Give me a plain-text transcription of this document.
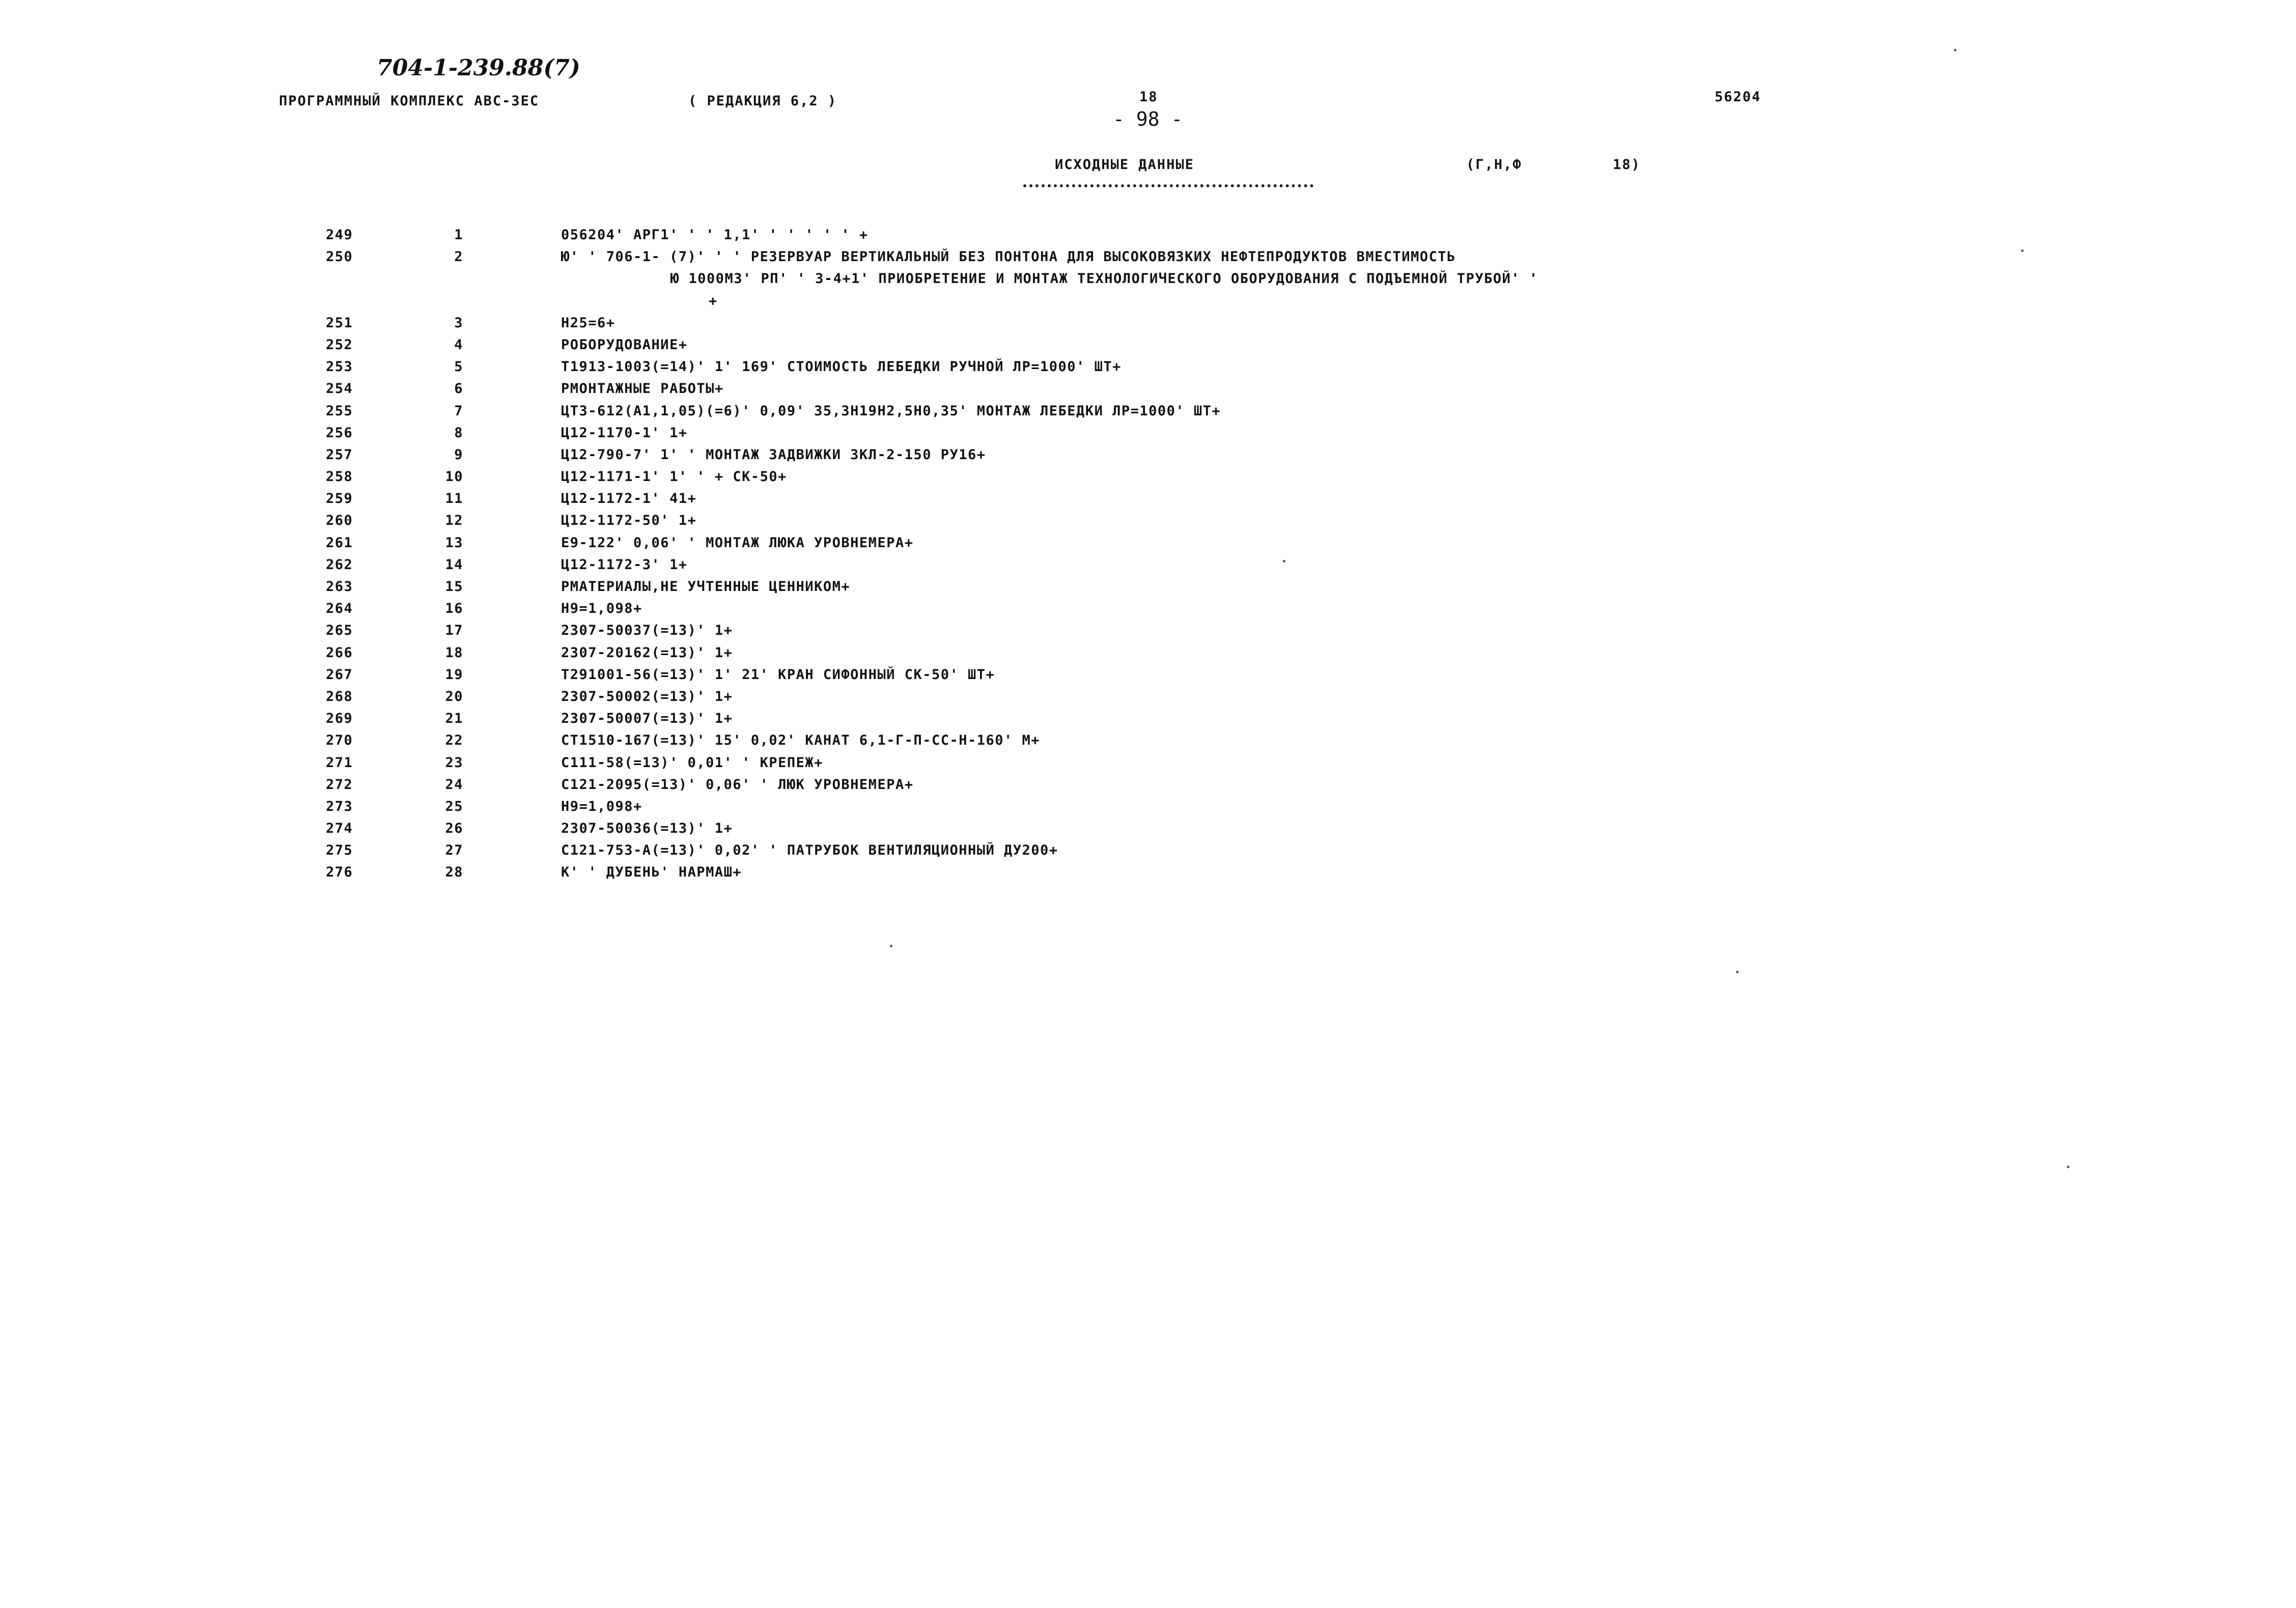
704-1-239.88(7)
ПРОГРАММНЫЙ КОМПЛЕКС АВС-3ЕС	( РЕДАКЦИЯ 6,2 )	18
- 98 -
56204
ИСХОДНЫЕ ДАННЫЕ	(Г,Н,Ф	18)
249	1	056204' АРГ1' ' ' 1,1' ' ' ' ' ' +
250	2	Ю' ' 706-1- (7)' ' ' РЕЗЕРВУАР ВЕРТИКАЛЬНЫЙ БЕЗ ПОНТОНА ДЛЯ ВЫСОКОВЯЗКИХ НЕФТЕПРОДУКТОВ ВМЕСТИМОСТЬ
Ю 1000М3' РП' ' 3-4+1' ПРИОБРЕТЕНИЕ И МОНТАЖ ТЕХНОЛОГИЧЕСКОГО ОБОРУДОВАНИЯ С ПОДЪЕМНОЙ ТРУБОЙ' '
+
251	3	Н25=6+
252	4	РОБОРУДОВАНИЕ+
253	5	Т1913-1003(=14)' 1' 169' СТОИМОСТЬ ЛЕБЕДКИ РУЧНОЙ ЛР=1000' ШТ+
254	6	РМОНТАЖНЫЕ РАБОТЫ+
255	7	ЦТ3-612(А1,1,05)(=6)' 0,09' 35,3Н19Н2,5Н0,35' МОНТАЖ ЛЕБЕДКИ ЛР=1000' ШТ+
256	8	Ц12-1170-1' 1+
257	9	Ц12-790-7' 1' ' МОНТАЖ ЗАДВИЖКИ ЗКЛ-2-150 РУ16+
258	10	Ц12-1171-1' 1' ' + СК-50+
259	11	Ц12-1172-1' 41+
260	12	Ц12-1172-50' 1+
261	13	Е9-122' 0,06' ' МОНТАЖ ЛЮКА УРОВНЕМЕРА+
262	14	Ц12-1172-3' 1+
263	15	РМАТЕРИАЛЫ,НЕ УЧТЕННЫЕ ЦЕННИКОМ+
264	16	Н9=1,098+
265	17	2307-50037(=13)' 1+
266	18	2307-20162(=13)' 1+
267	19	Т291001-56(=13)' 1' 21' КРАН СИФОННЫЙ СК-50' ШТ+
268	20	2307-50002(=13)' 1+
269	21	2307-50007(=13)' 1+
270	22	СТ1510-167(=13)' 15' 0,02' КАНАТ 6,1-Г-П-СС-Н-160' М+
271	23	С111-58(=13)' 0,01' ' КРЕПЕЖ+
272	24	С121-2095(=13)' 0,06' ' ЛЮК УРОВНЕМЕРА+
273	25	Н9=1,098+
274	26	2307-50036(=13)' 1+
275	27	С121-753-А(=13)' 0,02' ' ПАТРУБОК ВЕНТИЛЯЦИОННЫЙ ДУ200+
276	28	К' ' ДУБЕНЬ' НАРМАШ+
